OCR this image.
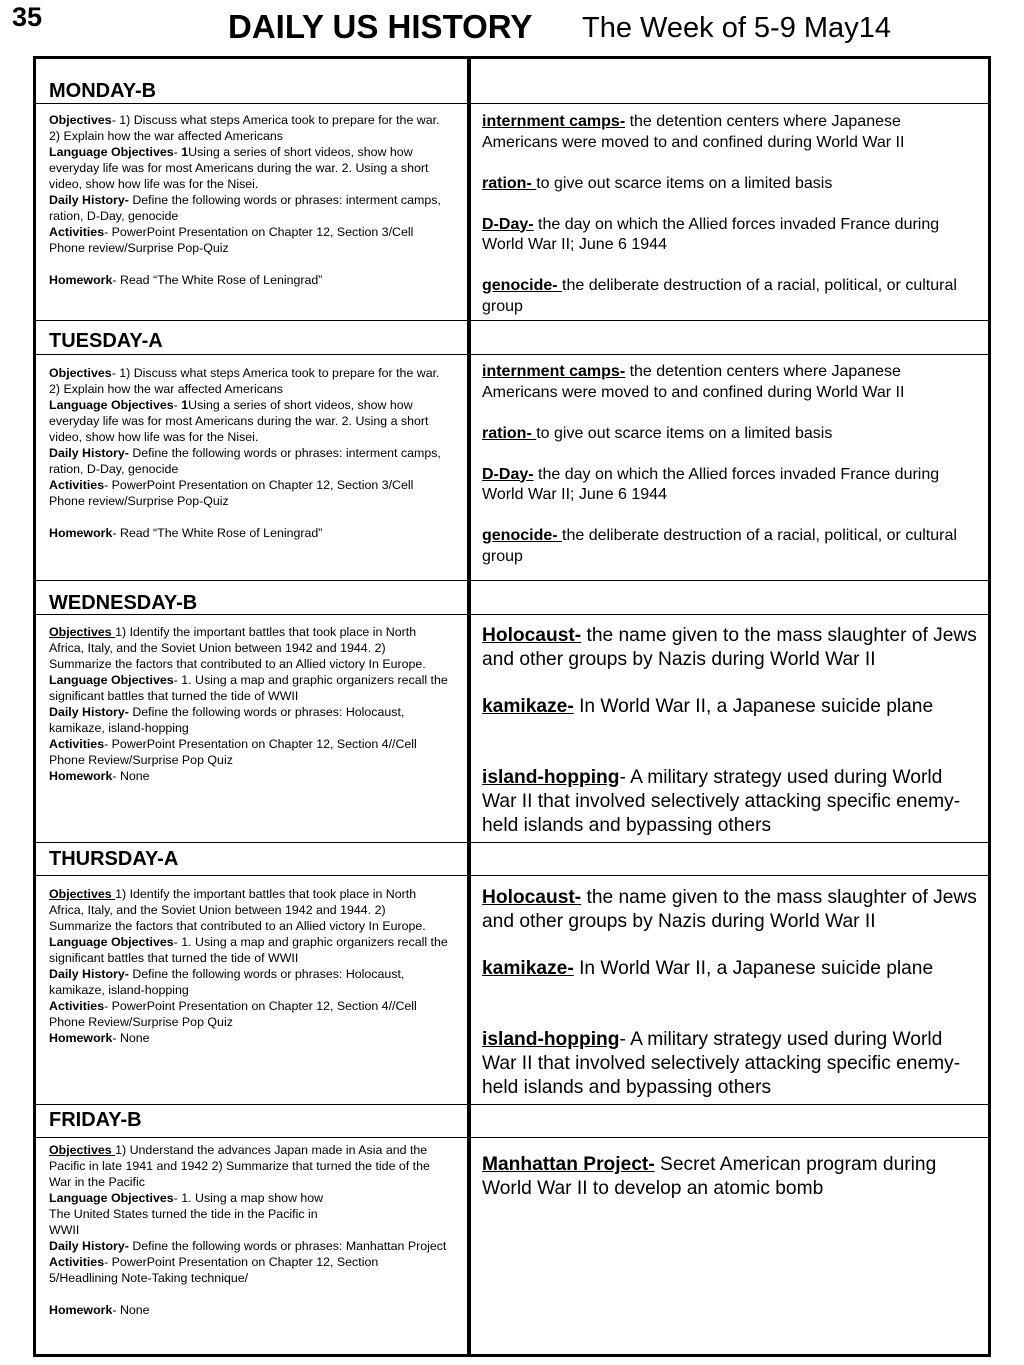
35	DAILY US HISTORY The Week of 5-9 May14
MONDAY-B

Objectives- 1) Discuss what steps America took to prepare for the war. 2) Explain how the war affected Americans

Language Objectives- 1Using a series of short videos, show how everyday life was for most Americans during the war. 2. Using a short video, show how life was for the Nisei.

Daily History- Define the following words or phrases: interment camps, ration, D-Day, genocide

Activities- PowerPoint Presentation on Chapter 12, Section 3/Cell Phone review/Surprise Pop-Quiz

Homework- Read “The White Rose of Leningrad”

internment camps- the detention centers where Japanese Americans were moved to and confined during World War II

ration- to give out scarce items on a limited basis

D-Day- the day on which the Allied forces invaded France during World War II; June 6 1944

genocide- the deliberate destruction of a racial, political, or cultural group

TUESDAY-A

Objectives- 1) Discuss what steps America took to prepare for the war. 2) Explain how the war affected Americans

Language Objectives- 1Using a series of short videos, show how everyday life was for most Americans during the war. 2. Using a short video, show how life was for the Nisei.

Daily History- Define the following words or phrases: interment camps, ration, D-Day, genocide

Activities- PowerPoint Presentation on Chapter 12, Section 3/Cell Phone review/Surprise Pop-Quiz

Homework- Read “The White Rose of Leningrad”

internment camps- the detention centers where Japanese Americans were moved to and confined during World War II

ration- to give out scarce items on a limited basis

D-Day- the day on which the Allied forces invaded France during World War II; June 6 1944

genocide- the deliberate destruction of a racial, political, or cultural group

WEDNESDAY-B

Objectives 1) Identify the important battles that took place in North Africa, Italy, and the Soviet Union between 1942 and 1944. 2) Summarize the factors that contributed to an Allied victory In Europe.

Language Objectives- 1. Using a map and graphic organizers recall the significant battles that turned the tide of WWII

Daily History- Define the following words or phrases: Holocaust, kamikaze, island-hopping

Activities- PowerPoint Presentation on Chapter 12, Section 4//Cell Phone Review/Surprise Pop Quiz

Homework- None

Holocaust- the name given to the mass slaughter of Jews and other groups by Nazis during World War II

kamikaze- In World War II, a Japanese suicide plane

island-hopping- A military strategy used during World War II that involved selectively attacking specific enemy-held islands and bypassing others

THURSDAY-A

Objectives 1) Identify the important battles that took place in North Africa, Italy, and the Soviet Union between 1942 and 1944. 2) Summarize the factors that contributed to an Allied victory In Europe.

Language Objectives- 1. Using a map and graphic organizers recall the significant battles that turned the tide of WWII

Daily History- Define the following words or phrases: Holocaust, kamikaze, island-hopping

Activities- PowerPoint Presentation on Chapter 12, Section 4//Cell Phone Review/Surprise Pop Quiz

Homework- None

Holocaust- the name given to the mass slaughter of Jews and other groups by Nazis during World War II

kamikaze- In World War II, a Japanese suicide plane

island-hopping- A military strategy used during World War II that involved selectively attacking specific enemy-held islands and bypassing others

FRIDAY-B

Objectives 1) Understand the advances Japan made in Asia and the Pacific in late 1941 and 1942 2) Summarize that turned the tide of the War in the Pacific

Language Objectives- 1. Using a map show how

The United States turned the tide in the Pacific in

WWII

Daily History- Define the following words or phrases: Manhattan Project

Activities- PowerPoint Presentation on Chapter 12, Section 5/Headlining Note-Taking technique/

Homework- None

Manhattan Project- Secret American program during World War II to develop an atomic bomb
